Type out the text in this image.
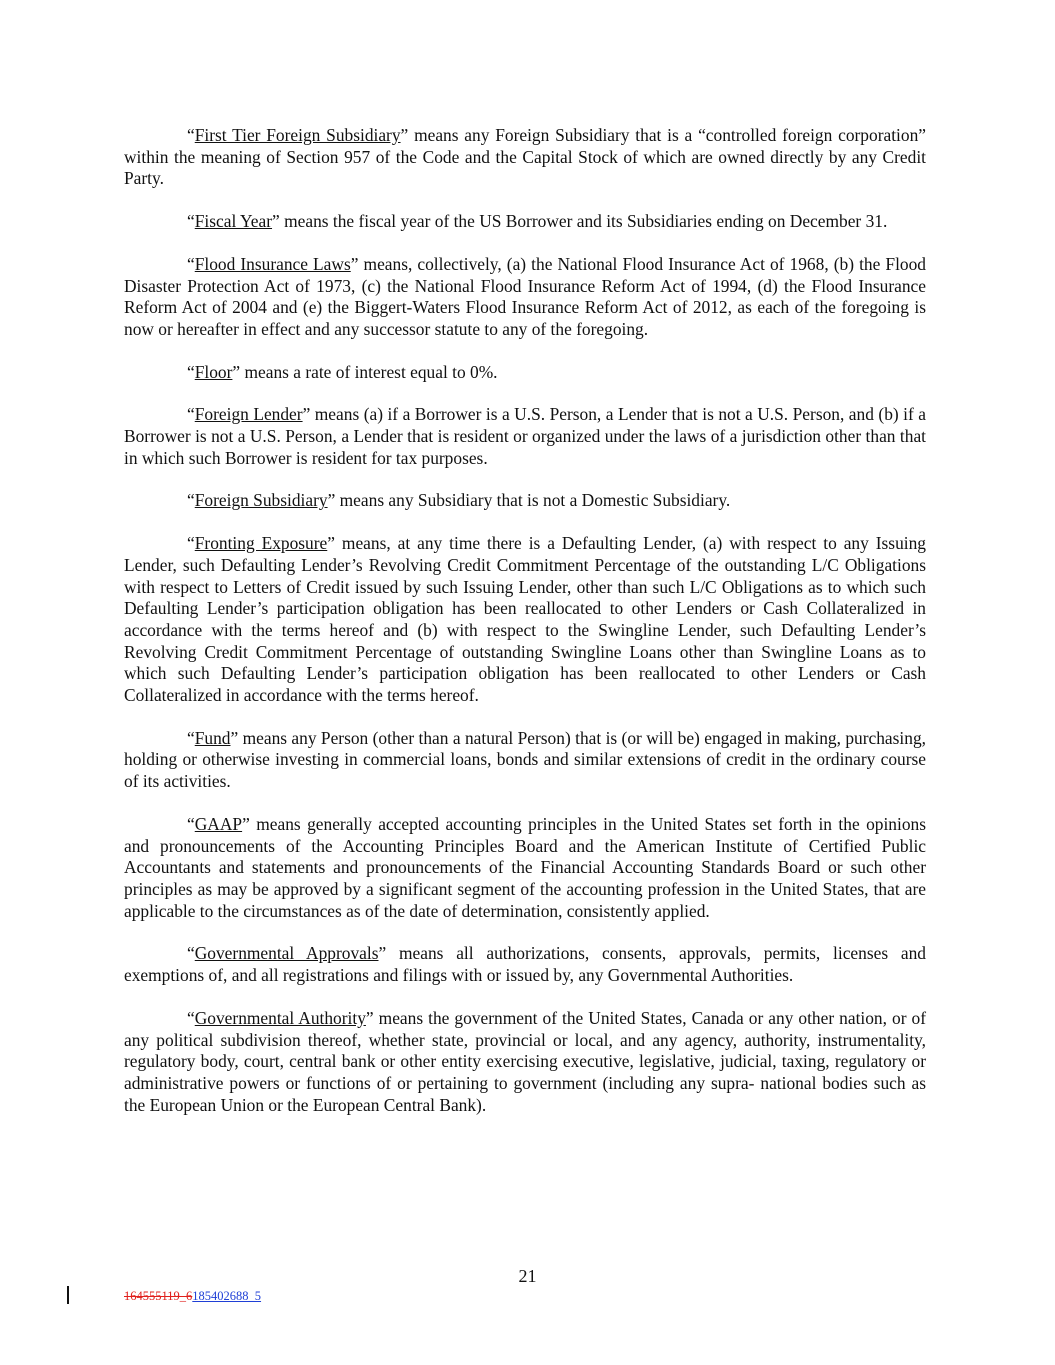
“First Tier Foreign Subsidiary” means any Foreign Subsidiary that is a “controlled foreign corporation” within the meaning of Section 957 of the Code and the Capital Stock of which are owned directly by any Credit Party.

“Fiscal Year” means the fiscal year of the US Borrower and its Subsidiaries ending on December 31.

“Flood Insurance Laws” means, collectively, (a) the National Flood Insurance Act of 1968, (b) the Flood Disaster Protection Act of 1973, (c) the National Flood Insurance Reform Act of 1994, (d) the Flood Insurance Reform Act of 2004 and (e) the Biggert-Waters Flood Insurance Reform Act of 2012, as each of the foregoing is now or hereafter in effect and any successor statute to any of the foregoing.

“Floor” means a rate of interest equal to 0%.

“Foreign Lender” means (a) if a Borrower is a U.S. Person, a Lender that is not a U.S. Person, and (b) if a Borrower is not a U.S. Person, a Lender that is resident or organized under the laws of a jurisdiction other than that in which such Borrower is resident for tax purposes.

“Foreign Subsidiary” means any Subsidiary that is not a Domestic Subsidiary.

“Fronting Exposure” means, at any time there is a Defaulting Lender, (a) with respect to any Issuing Lender, such Defaulting Lender’s Revolving Credit Commitment Percentage of the outstanding L/C Obligations with respect to Letters of Credit issued by such Issuing Lender, other than such L/C Obligations as to which such Defaulting Lender’s participation obligation has been reallocated to other Lenders or Cash Collateralized in accordance with the terms hereof and (b) with respect to the Swingline Lender, such Defaulting Lender’s Revolving Credit Commitment Percentage of outstanding Swingline Loans other than Swingline Loans as to which such Defaulting Lender’s participation obligation has been reallocated to other Lenders or Cash Collateralized in accordance with the terms hereof.

“Fund” means any Person (other than a natural Person) that is (or will be) engaged in making, purchasing, holding or otherwise investing in commercial loans, bonds and similar extensions of credit in the ordinary course of its activities.

“GAAP” means generally accepted accounting principles in the United States set forth in the opinions and pronouncements of the Accounting Principles Board and the American Institute of Certified Public Accountants and statements and pronouncements of the Financial Accounting Standards Board or such other principles as may be approved by a significant segment of the accounting profession in the United States, that are applicable to the circumstances as of the date of determination, consistently applied.

“Governmental Approvals” means all authorizations, consents, approvals, permits, licenses and exemptions of, and all registrations and filings with or issued by, any Governmental Authorities.

“Governmental Authority” means the government of the United States, Canada or any other nation, or of any political subdivision thereof, whether state, provincial or local, and any agency, authority, instrumentality, regulatory body, court, central bank or other entity exercising executive, legislative, judicial, taxing, regulatory or administrative powers or functions of or pertaining to government (including any supra- national bodies such as the European Union or the European Central Bank).

21
164555119_6185402688_5
